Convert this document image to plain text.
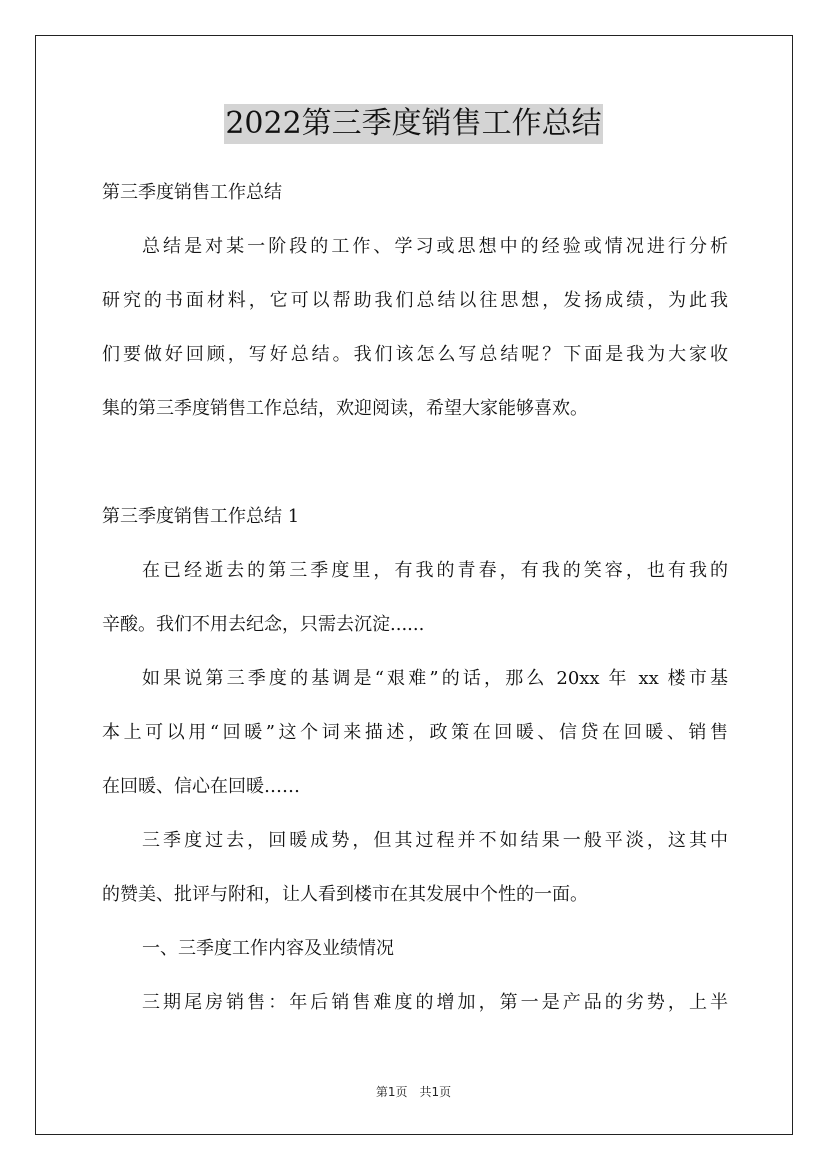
2022第三季度销售工作总结

第三季度销售工作总结

总结是对某一阶段的工作、学习或思想中的经验或情况进行分析

研究的书面材料，它可以帮助我们总结以往思想，发扬成绩，为此我

们要做好回顾，写好总结。我们该怎么写总结呢？下面是我为大家收

集的第三季度销售工作总结，欢迎阅读，希望大家能够喜欢。

第三季度销售工作总结 1

在已经逝去的第三季度里，有我的青春，有我的笑容，也有我的

辛酸。我们不用去纪念，只需去沉淀......

如果说第三季度的基调是“艰难”的话，那么 20xx 年 xx 楼市基

本上可以用“回暖”这个词来描述，政策在回暖、信贷在回暖、销售

在回暖、信心在回暖……

三季度过去，回暖成势，但其过程并不如结果一般平淡，这其中

的赞美、批评与附和，让人看到楼市在其发展中个性的一面。

一、三季度工作内容及业绩情况

三期尾房销售：年后销售难度的增加，第一是产品的劣势，上半

第1页　共1页
